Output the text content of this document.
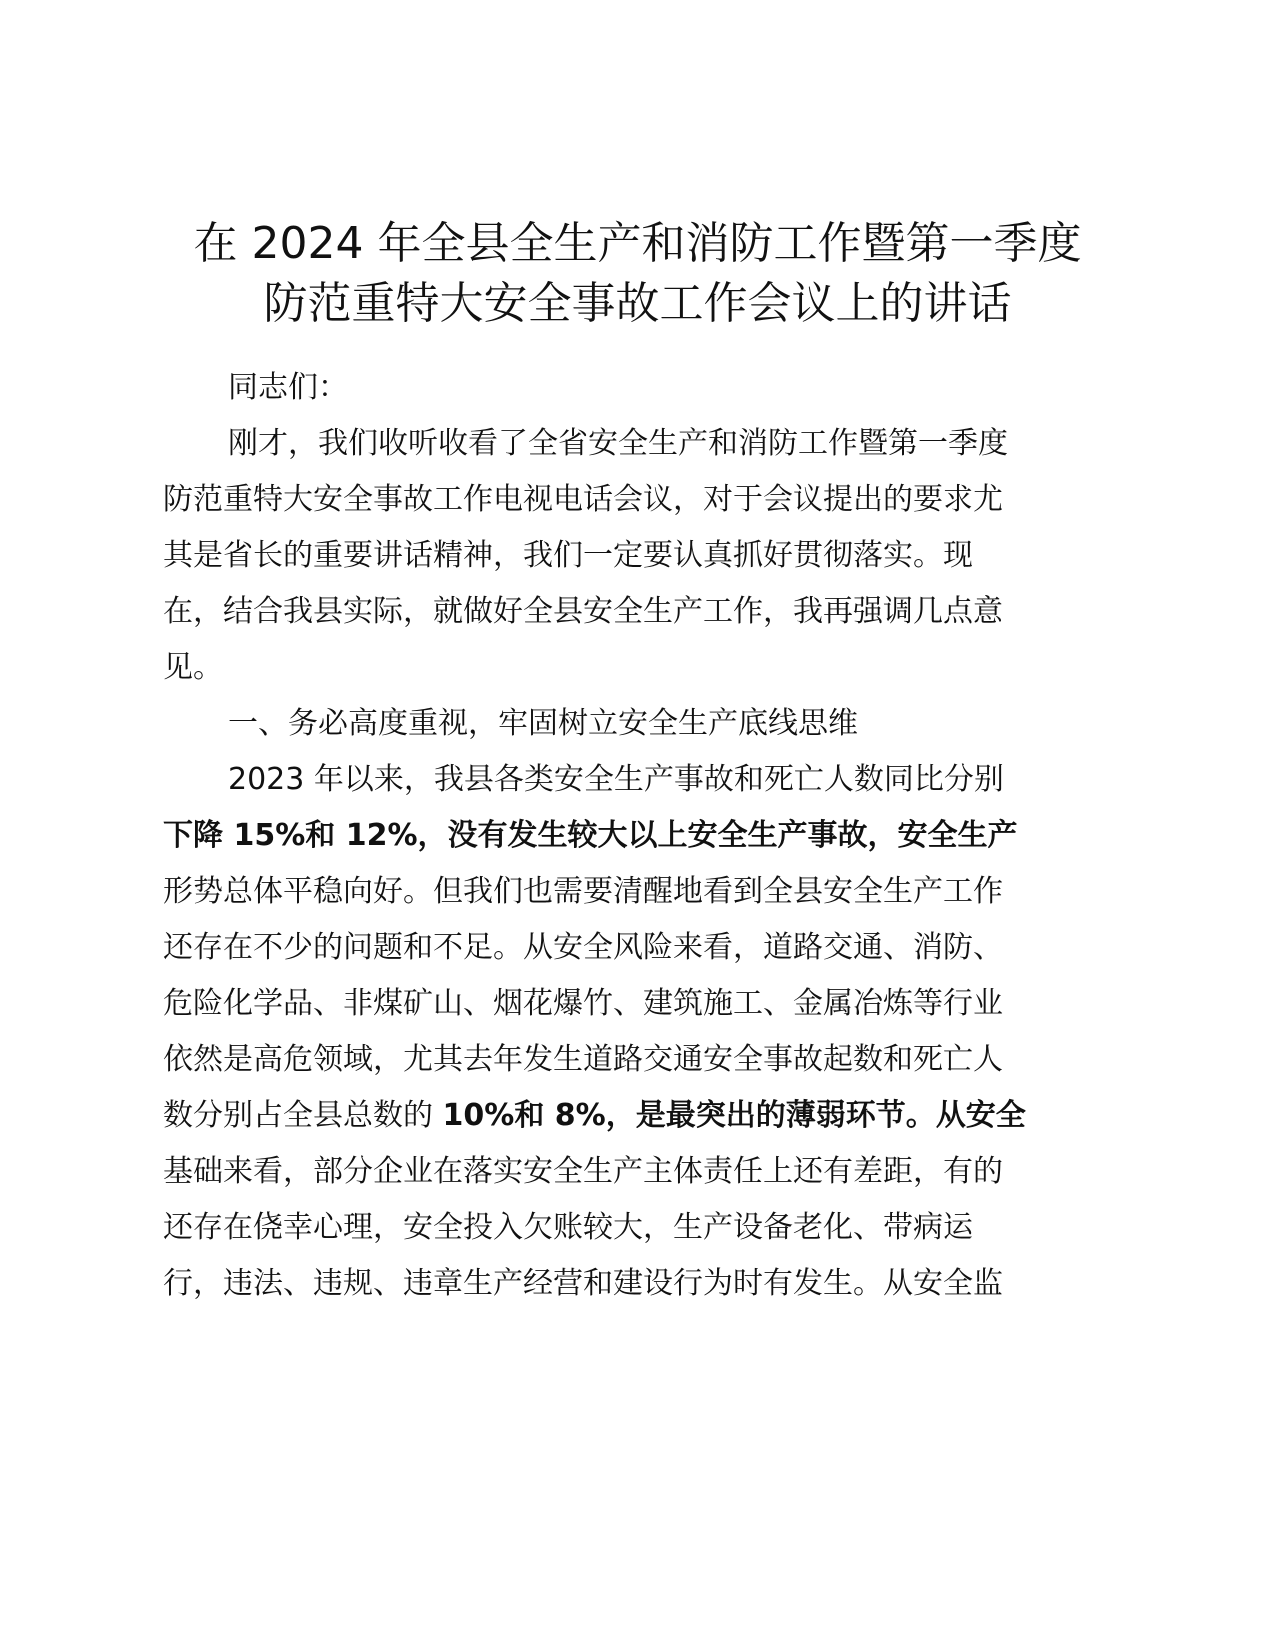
在 2024 年全县全生产和消防工作暨第一季度
防范重特大安全事故工作会议上的讲话

同志们：

刚才，我们收听收看了全省安全生产和消防工作暨第一季度

防范重特大安全事故工作电视电话会议，对于会议提出的要求尤

其是省长的重要讲话精神，我们一定要认真抓好贯彻落实。现

在，结合我县实际，就做好全县安全生产工作，我再强调几点意

见。

一、务必高度重视，牢固树立安全生产底线思维

2023 年以来，我县各类安全生产事故和死亡人数同比分别

下降 15%和 12%，没有发生较大以上安全生产事故，安全生产

形势总体平稳向好。但我们也需要清醒地看到全县安全生产工作

还存在不少的问题和不足。从安全风险来看，道路交通、消防、

危险化学品、非煤矿山、烟花爆竹、建筑施工、金属冶炼等行业

依然是高危领域，尤其去年发生道路交通安全事故起数和死亡人

数分别占全县总数的 10%和 8%，是最突出的薄弱环节。从安全

基础来看，部分企业在落实安全生产主体责任上还有差距，有的

还存在侥幸心理，安全投入欠账较大，生产设备老化、带病运

行，违法、违规、违章生产经营和建设行为时有发生。从安全监
